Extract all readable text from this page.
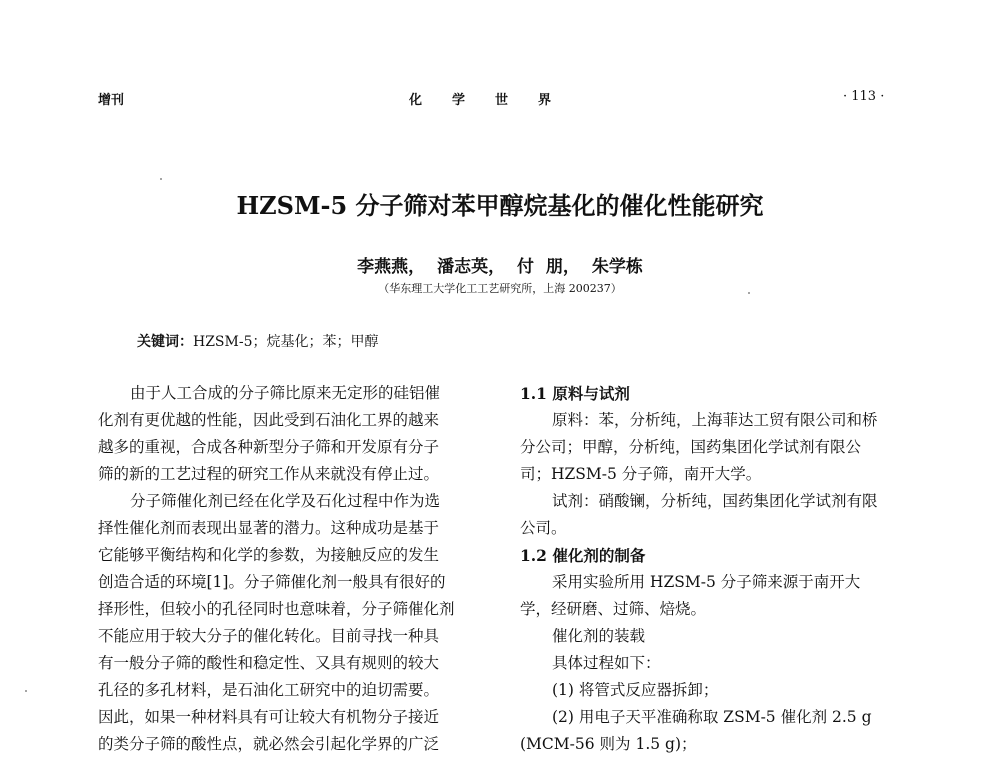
增刊	化学世界	· 113 ·
HZSM-5 分子筛对苯甲醇烷基化的催化性能研究
李燕燕， 潘志英， 付 朋， 朱学栋
（华东理工大学化工工艺研究所，上海 200237）
关键词：HZSM-5；烷基化；苯；甲醇
由于人工合成的分子筛比原来无定形的硅铝催
化剂有更优越的性能，因此受到石油化工界的越来
越多的重视，合成各种新型分子筛和开发原有分子
筛的新的工艺过程的研究工作从来就没有停止过。
分子筛催化剂已经在化学及石化过程中作为选
择性催化剂而表现出显著的潜力。这种成功是基于
它能够平衡结构和化学的参数，为接触反应的发生
创造合适的环境[1]。分子筛催化剂一般具有很好的
择形性，但较小的孔径同时也意味着，分子筛催化剂
不能应用于较大分子的催化转化。目前寻找一种具
有一般分子筛的酸性和稳定性、又具有规则的较大
孔径的多孔材料，是石油化工研究中的迫切需要。
因此，如果一种材料具有可让较大有机物分子接近
的类分子筛的酸性点，就必然会引起化学界的广泛
1.1 原料与试剂
原料：苯，分析纯，上海菲达工贸有限公司和桥
分公司；甲醇，分析纯，国药集团化学试剂有限公
司；HZSM-5 分子筛，南开大学。
试剂：硝酸镧，分析纯，国药集团化学试剂有限
公司。
1.2 催化剂的制备
采用实验所用 HZSM-5 分子筛来源于南开大
学，经研磨、过筛、焙烧。
催化剂的装载
具体过程如下：
(1) 将管式反应器拆卸；
(2) 用电子天平准确称取 ZSM-5 催化剂 2.5 g
(MCM-56 则为 1.5 g)；
